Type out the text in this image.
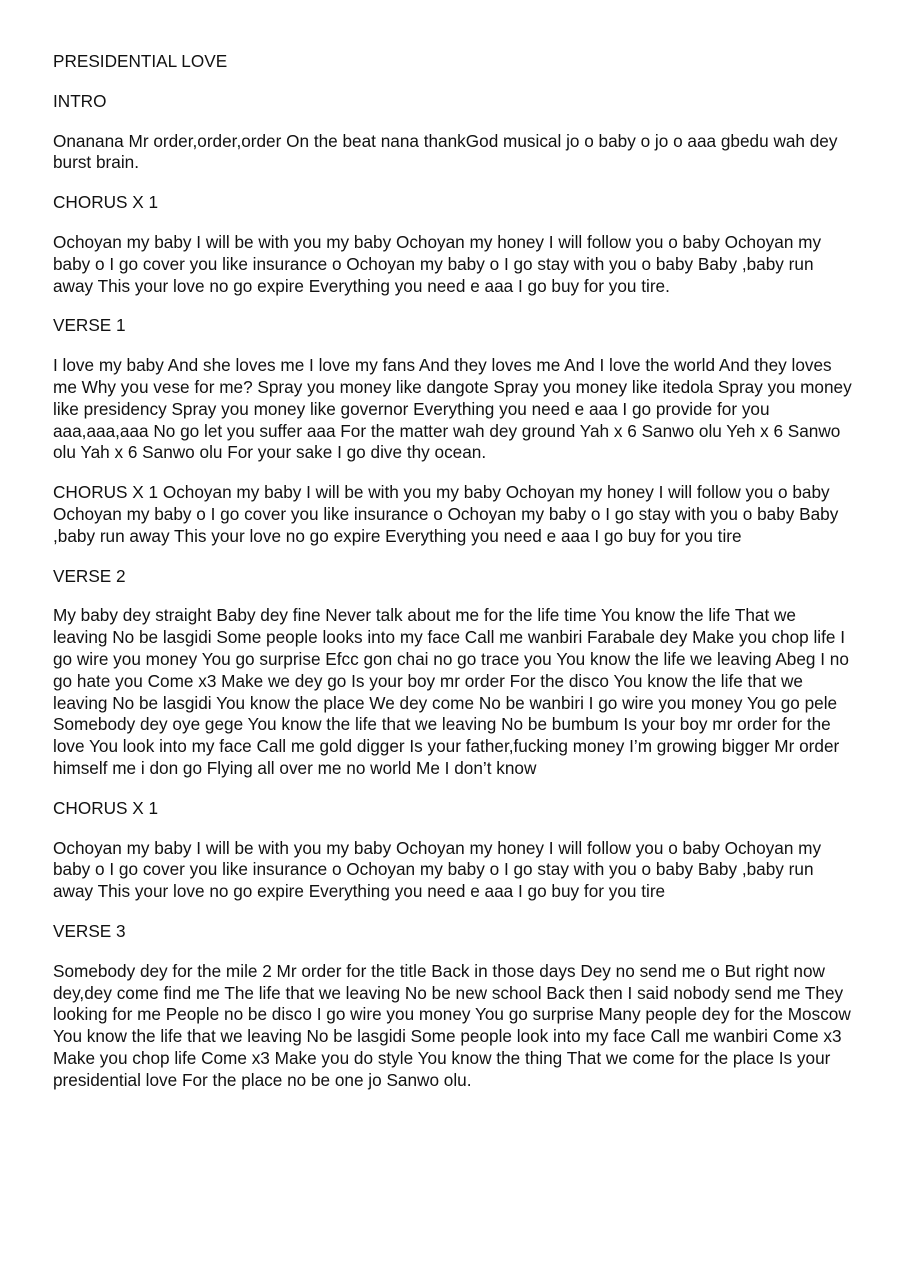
PRESIDENTIAL LOVE
INTRO
Onanana Mr order,order,order On the beat nana thankGod musical jo o baby o jo o aaa gbedu wah dey burst brain.
CHORUS X 1
Ochoyan my baby I will be with you my baby Ochoyan my honey I will follow you o baby Ochoyan my baby o I go cover you like insurance o Ochoyan my baby o I go stay with you o baby Baby ,baby run away This your love no go expire Everything you need e aaa I go buy for you tire.
VERSE 1
I love my baby And she loves me I love my fans And they loves me And I love the world And they loves me Why you vese for me? Spray you money like dangote Spray you money like itedola Spray you money like presidency Spray you money like governor Everything you need e aaa I go provide for you aaa,aaa,aaa No go let you suffer aaa For the matter wah dey ground Yah x 6 Sanwo olu Yeh x 6 Sanwo olu Yah x 6 Sanwo olu For your sake I go dive thy ocean.
CHORUS X 1 Ochoyan my baby I will be with you my baby Ochoyan my honey I will follow you o baby Ochoyan my baby o I go cover you like insurance o Ochoyan my baby o I go stay with you o baby Baby ,baby run away This your love no go expire Everything you need e aaa I go buy for you tire
VERSE 2
My baby dey straight Baby dey fine Never talk about me for the life time You know the life That we leaving No be lasgidi Some people looks into my face Call me wanbiri Farabale dey Make you chop life I go wire you money You go surprise Efcc gon chai no go trace you You know the life we leaving Abeg I no go hate you Come x3 Make we dey go Is your boy mr order For the disco You know the life that we leaving No be lasgidi You know the place We dey come No be wanbiri I go wire you money You go pele Somebody dey oye gege You know the life that we leaving No be bumbum Is your boy mr order for the love You look into my face Call me gold digger Is your father,fucking money I’m growing bigger Mr order himself me i don go Flying all over me no world Me I don’t know
CHORUS X 1
Ochoyan my baby I will be with you my baby Ochoyan my honey I will follow you o baby Ochoyan my baby o I go cover you like insurance o Ochoyan my baby o I go stay with you o baby Baby ,baby run away This your love no go expire Everything you need e aaa I go buy for you tire
VERSE 3
Somebody dey for the mile 2 Mr order for the title Back in those days Dey no send me o But right now dey,dey come find me The life that we leaving No be new school Back then I said nobody send me They looking for me People no be disco I go wire you money You go surprise Many people dey for the Moscow You know the life that we leaving No be lasgidi Some people look into my face Call me wanbiri Come x3 Make you chop life Come x3 Make you do style You know the thing That we come for the place Is your presidential love For the place no be one jo Sanwo olu.
